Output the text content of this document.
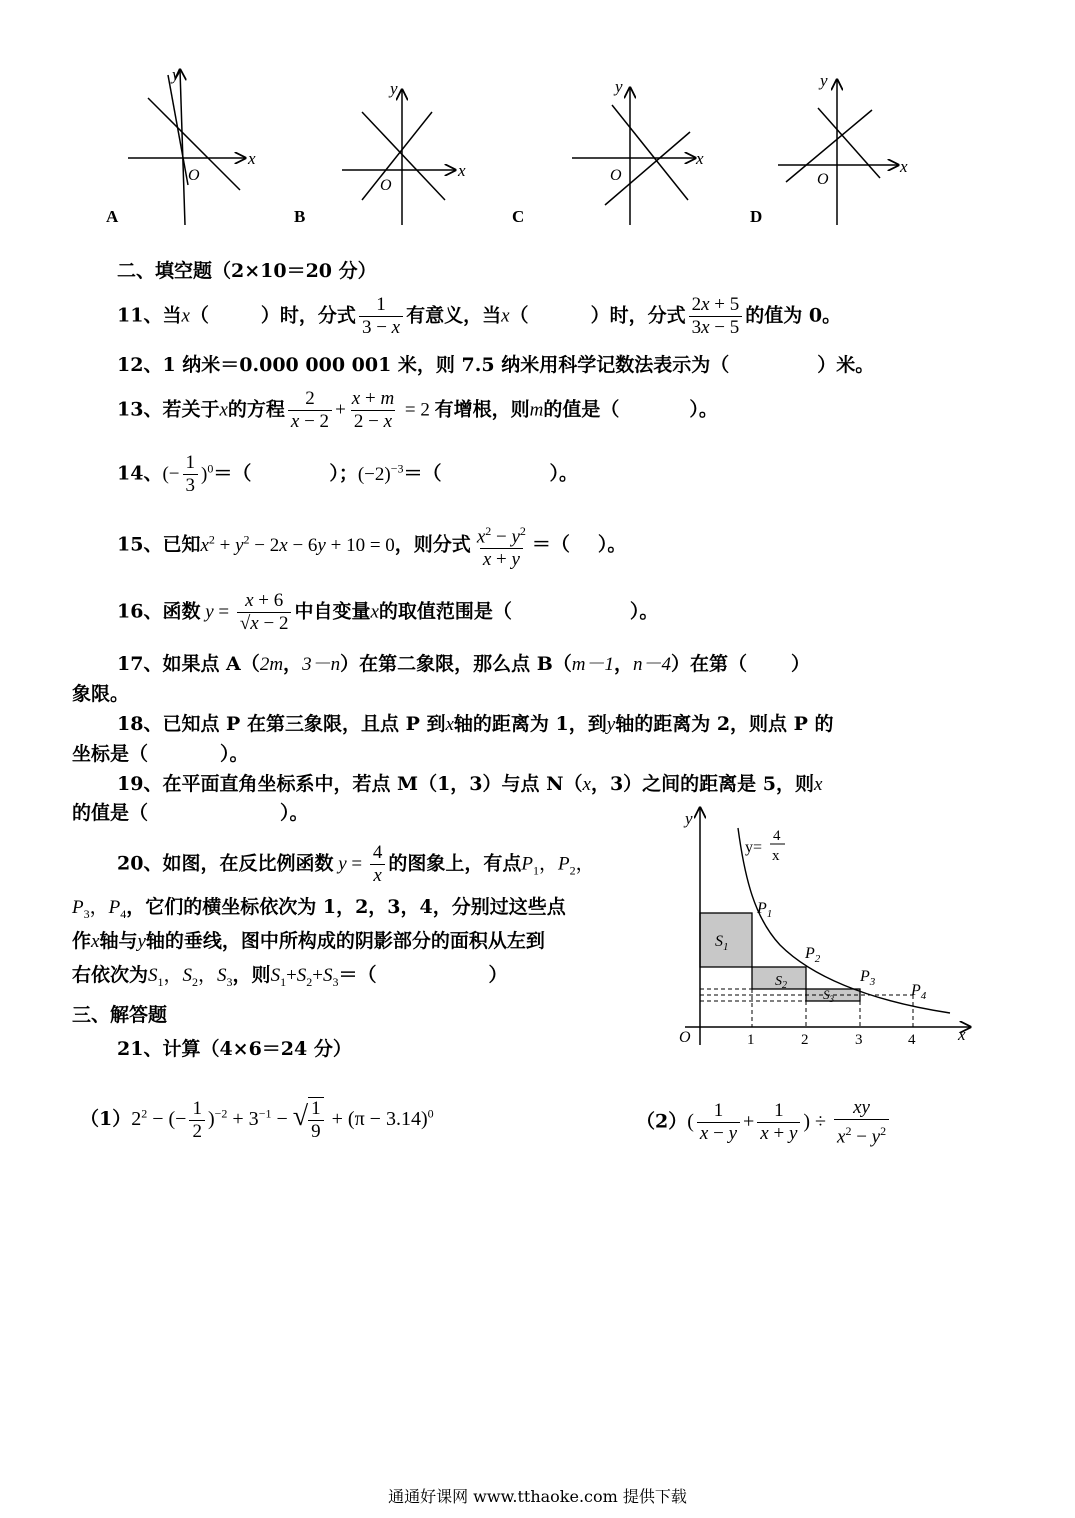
x
y
O
A
x
y
O
B
x
y
O
C
x
y
O
D
二、填空题（2×10＝20 分）
11、当x（	）时，分式 $\frac{1}{3 - x}$ 有意义，当x（	）时，分式 $\frac{2x + 5}{3x - 5}$ 的值为 0。
12、1 纳米＝0.000 000 001 米，则 7.5 纳米用科学记数法表示为（	）米。
13、若关于x的方程 $\frac{2}{x - 2} + \frac{x + m}{2 - x} = 2$ 有增根，则m的值是（	）。
14、(− $\frac{1}{3} )^0=$（	）；$(-2)^{-3}=$（	）。
15、已知$x^2 + y^2 - 2x - 6y + 10 = 0$，则分式 $\frac{x^2 - y^2}{x + y}$ ＝（ ）。
16、函数 $y = \frac{x + 6}{√x - 2}$ 中自变量x的取值范围是（	）。
17、如果点 A（2m，3－n）在第二象限，那么点 B（m－1，n－4）在第（ ）
象限。
18、已知点 P 在第三象限，且点 P 到x轴的距离为 1，到y轴的距离为 2，则点 P 的
坐标是（	）。
19、在平面直角坐标系中，若点 M（1，3）与点 N（x，3）之间的距离是 5，则x
的值是（	）。
20、如图，在反比例函数 $y = \frac{4}{x}$ 的图象上，有点$P_1$，$P_2$，
$P_3$，$P_4$，它们的横坐标依次为 1，2，3，4，分别过这些点
作x轴与y轴的垂线，图中所构成的阴影部分的面积从左到
右依次为$S_1$，$S_2$，$S_3$，则$S_1+S_2+S_3=$（	）
y
x
O
y=
4
x
1	2	3	4
$P_1$
$P_2$
$P_3$ $P_4$
$S_1$
$S_2$
$S_3$
三、解答题
21、计算（4×6＝24 分）
$(1)2^2$ − (− $\frac{1}{2} )^{-2} + 3^{-1}$ − √ $\frac{1}{9} + (\pi - 3.14)^0$	$(2)( \frac{1}{x - y} + \frac{1}{x + y}$ ) ÷ $\frac{xy}{x^2 - y^2}$
通通好课网 www.tthaoke.com 提供下载
